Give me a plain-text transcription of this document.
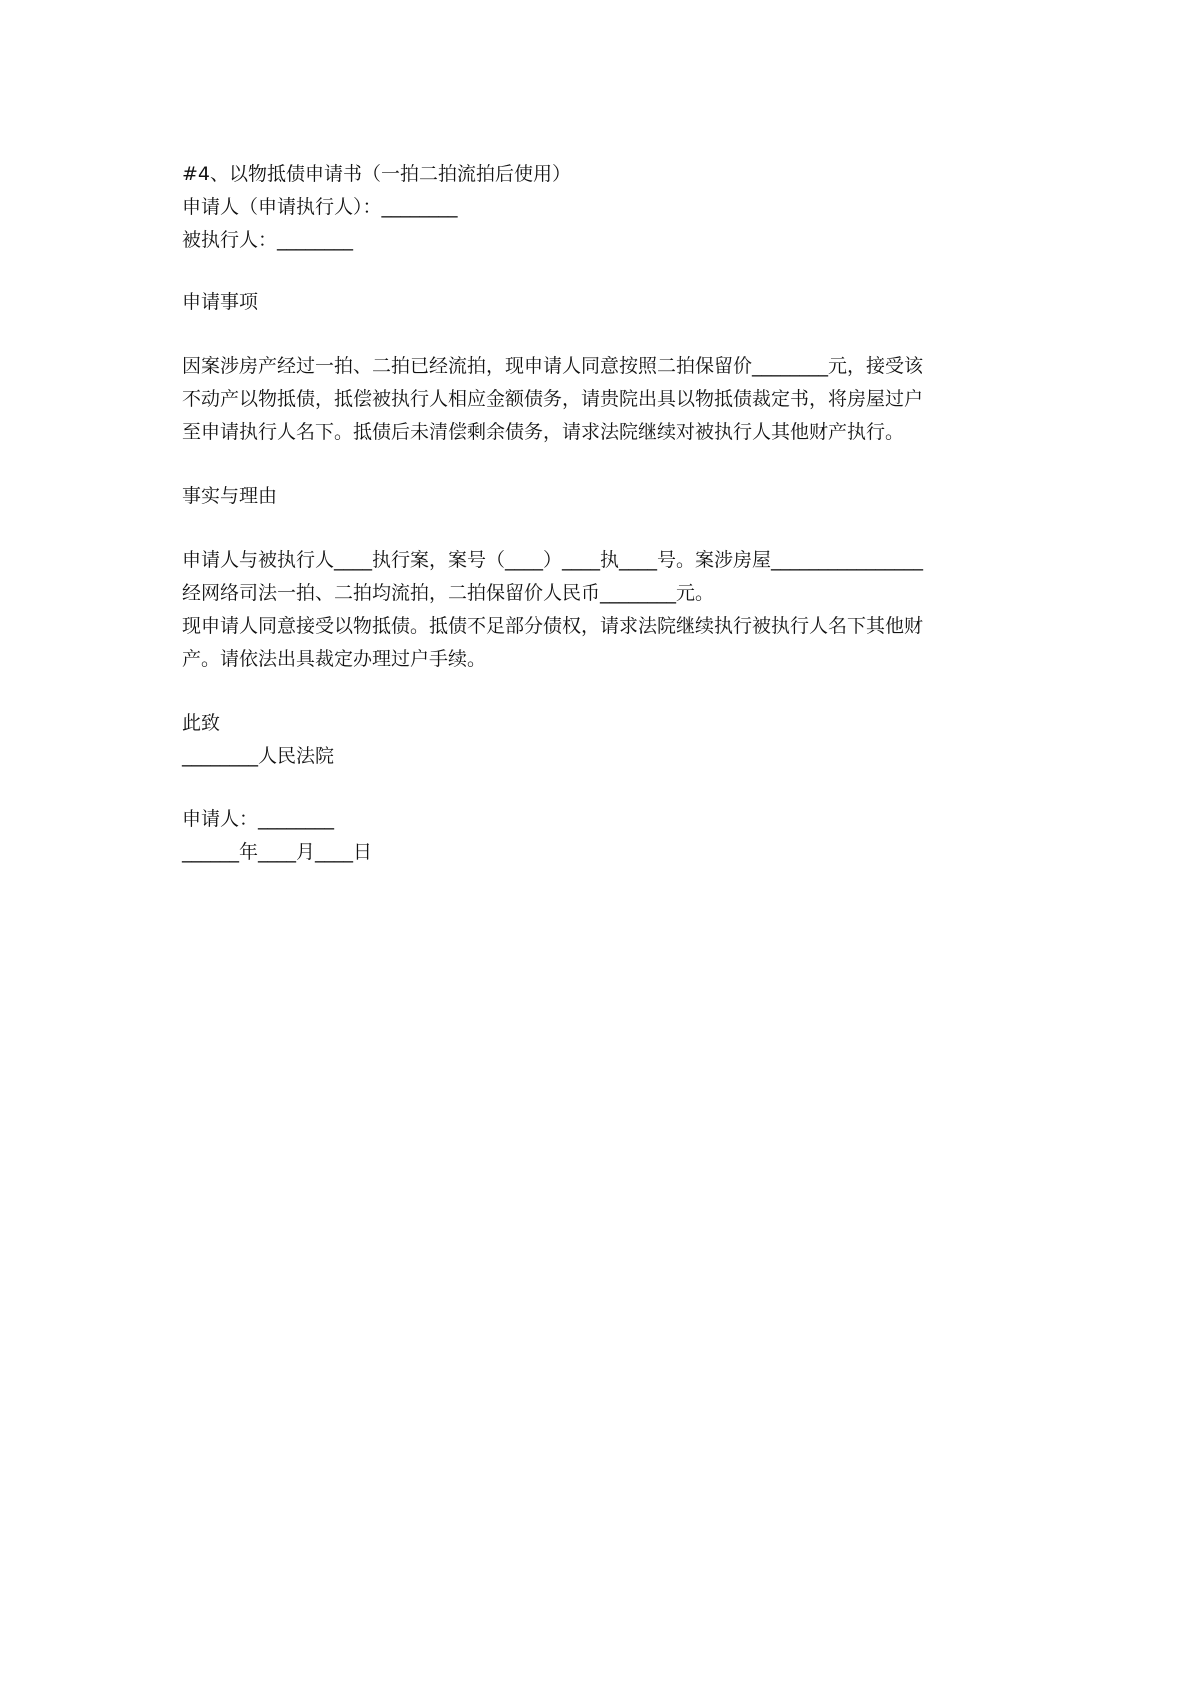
#4、以物抵债申请书（一拍二拍流拍后使用）
申请人（申请执行人）：________
被执行人：________
申请事项
因案涉房产经过一拍、二拍已经流拍，现申请人同意按照二拍保留价________元，接受该
不动产以物抵债，抵偿被执行人相应金额债务，请贵院出具以物抵债裁定书，将房屋过户
至申请执行人名下。抵债后未清偿剩余债务，请求法院继续对被执行人其他财产执行。
事实与理由
申请人与被执行人____执行案，案号（____）____执____号。案涉房屋________________
经网络司法一拍、二拍均流拍，二拍保留价人民币________元。
现申请人同意接受以物抵债。抵债不足部分债权，请求法院继续执行被执行人名下其他财
产。请依法出具裁定办理过户手续。
此致
________人民法院
申请人：________
______年____月____日
